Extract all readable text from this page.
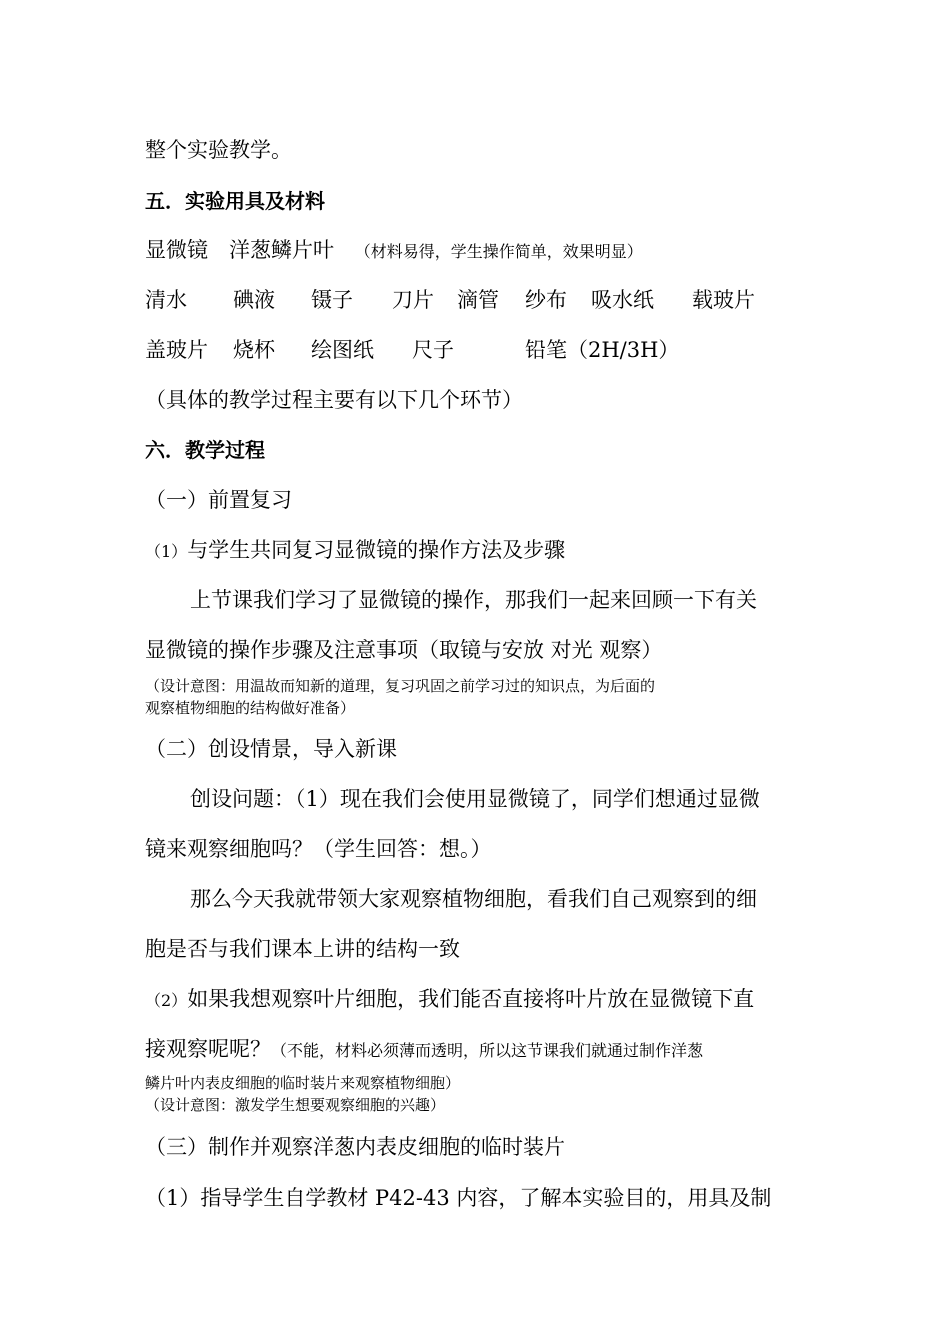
整个实验教学。
五．实验用具及材料
显微镜　洋葱鳞片叶 （材料易得，学生操作简单，效果明显）
清水 碘液 镊子 刀片 滴管 纱布 吸水纸 载玻片
盖玻片 烧杯 绘图纸 尺子	铅笔（2H/3H）
（具体的教学过程主要有以下几个环节）
六．教学过程
（一）前置复习
（1）与学生共同复习显微镜的操作方法及步骤
上节课我们学习了显微镜的操作，那我们一起来回顾一下有关
显微镜的操作步骤及注意事项（取镜与安放 对光 观察）
（设计意图：用温故而知新的道理，复习巩固之前学习过的知识点，为后面的
观察植物细胞的结构做好准备）
（二）创设情景，导入新课
创设问题：（1）现在我们会使用显微镜了，同学们想通过显微
镜来观察细胞吗？（学生回答：想。）
那么今天我就带领大家观察植物细胞，看我们自己观察到的细
胞是否与我们课本上讲的结构一致
（2）如果我想观察叶片细胞，我们能否直接将叶片放在显微镜下直
接观察呢呢？（不能，材料必须薄而透明，所以这节课我们就通过制作洋葱
鳞片叶内表皮细胞的临时装片来观察植物细胞）
（设计意图：激发学生想要观察细胞的兴趣）
（三）制作并观察洋葱内表皮细胞的临时装片
（1）指导学生自学教材 P42-43 内容，了解本实验目的，用具及制
